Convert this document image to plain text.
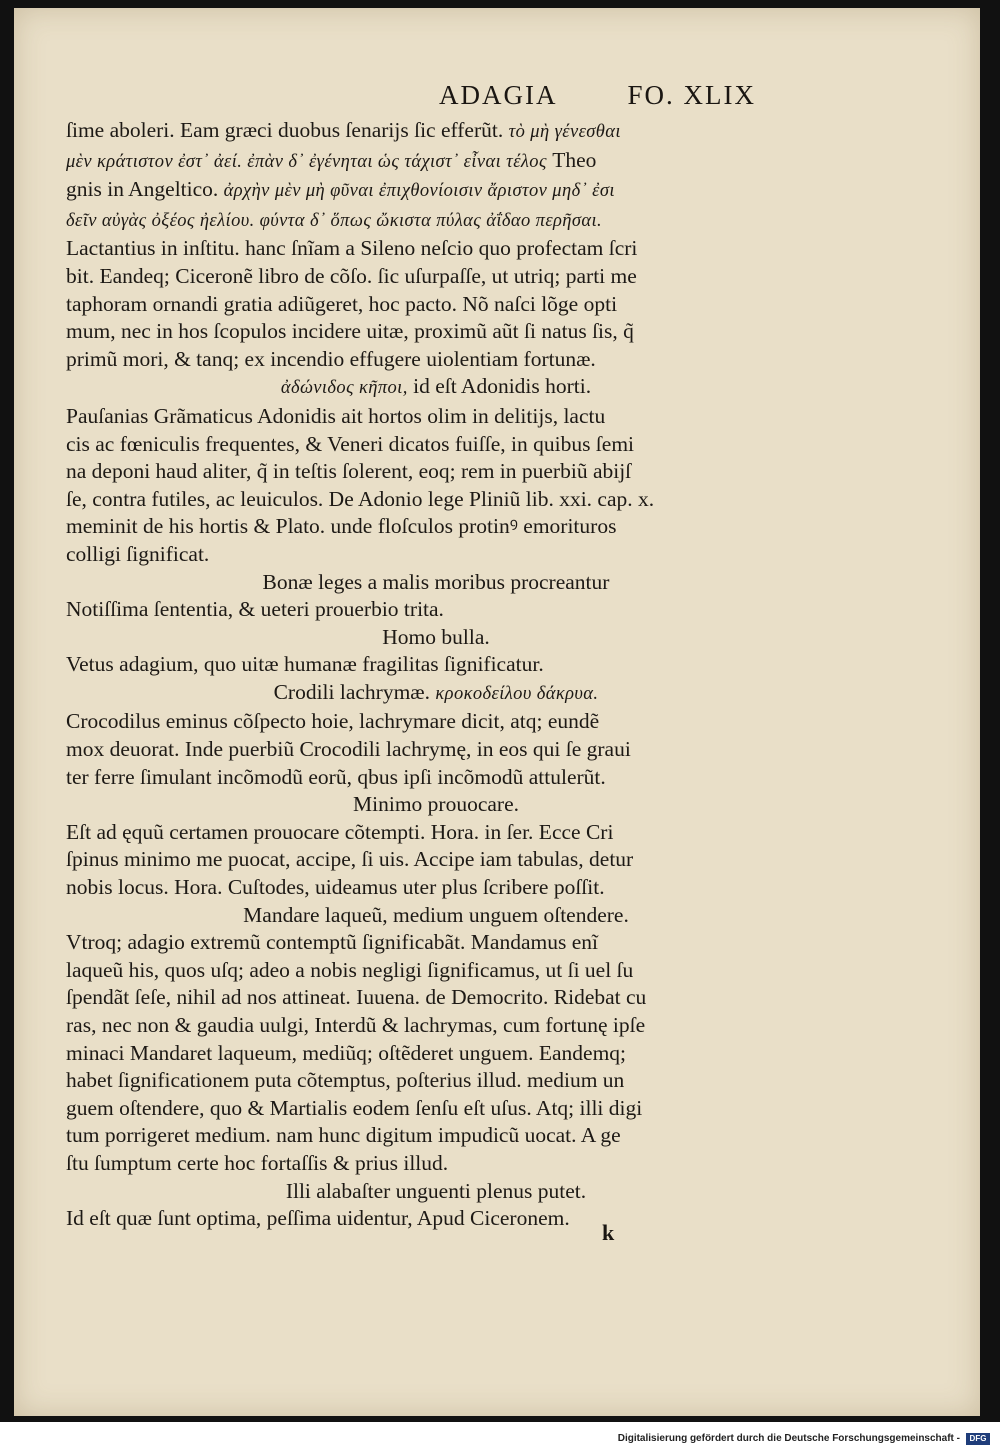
ADAGIA	FO. XLIX
ſime aboleri. Eam græci duobus ſenarijs ſic efferũt. τὸ μὴ γένεσθαι
μὲν κράτιστον ἐστ᾽ ἀεί. ἐπὰν δ᾽ ἐγένηται ὡς τάχιστ᾽ εἶναι τέλος Theo
gnis in Angeltico. ἀρχὴν μὲν μὴ φῦναι ἐπιχθονίοισιν ἄριστον μηδ᾽ ἐσι
δεῖν αὐγὰς ὀξέος ἠελίου. φύντα δ᾽ ὅπως ὤκιστα πύλας ἀΐδαο περῆσαι.
Lactantius in inſtitu. hanc ſnĩam a Sileno neſcio quo profectam ſcri
bit. Eandeq; Ciceronẽ libro de cõſo. ſic uſurpaſſe, ut utriq; parti me
taphoram ornandi gratia adiũgeret, hoc pacto. Nõ naſci lõge opti
mum, nec in hos ſcopulos incidere uitæ, proximũ aũt ſi natus ſis, q̃
primũ mori, & tanq; ex incendio effugere uiolentiam fortunæ.
ἀδώνιδος κῆποι, id eſt Adonidis horti.
Pauſanias Grãmaticus Adonidis ait hortos olim in delitijs, lactu
cis ac fœniculis frequentes, & Veneri dicatos fuiſſe, in quibus ſemi
na deponi haud aliter, q̃ in teſtis ſolerent, eoq; rem in puerbiũ abijſ
ſe, contra futiles, ac leuiculos. De Adonio lege Pliniũ lib. xxi. cap. x.
meminit de his hortis & Plato. unde floſculos protinꝰ emorituros
colligi ſignificat.
Bonæ leges a malis moribus procreantur
Notiſſima ſententia, & ueteri prouerbio trita.
Homo bulla.
Vetus adagium, quo uitæ humanæ fragilitas ſignificatur.
Crodili lachrymæ. κροκοδείλου δάκρυα.
Crocodilus eminus cõſpecto hoie, lachrymare dicit, atq; eundẽ
mox deuorat. Inde puerbiũ Crocodili lachrymę, in eos qui ſe graui
ter ferre ſimulant incõmodũ eorũ, qbus ipſi incõmodũ attulerũt.
Minimo prouocare.
Eſt ad ęquũ certamen prouocare cõtempti. Hora. in ſer. Ecce Cri
ſpinus minimo me puocat, accipe, ſi uis. Accipe iam tabulas, detur
nobis locus. Hora. Cuſtodes, uideamus uter plus ſcribere poſſit.
Mandare laqueũ, medium unguem oſtendere.
Vtroq; adagio extremũ contemptũ ſignificabãt. Mandamus enĩ
laqueũ his, quos uſq; adeo a nobis negligi ſignificamus, ut ſi uel ſu
ſpendãt ſeſe, nihil ad nos attineat. Iuuena. de Democrito. Ridebat cu
ras, nec non & gaudia uulgi, Interdũ & lachrymas, cum fortunę ipſe
minaci Mandaret laqueum, mediũq; oſtẽderet unguem. Eandemq;
habet ſignificationem puta cõtemptus, poſterius illud. medium un
guem oſtendere, quo & Martialis eodem ſenſu eſt uſus. Atq; illi digi
tum porrigeret medium. nam hunc digitum impudicũ uocat. A ge
ſtu ſumptum certe hoc fortaſſis & prius illud.
Illi alabaſter unguenti plenus putet.
Id eſt quæ ſunt optima, peſſima uidentur, Apud Ciceronem.
k
Digitalisierung gefördert durch die Deutsche Forschungsgemeinschaft -	DFG
